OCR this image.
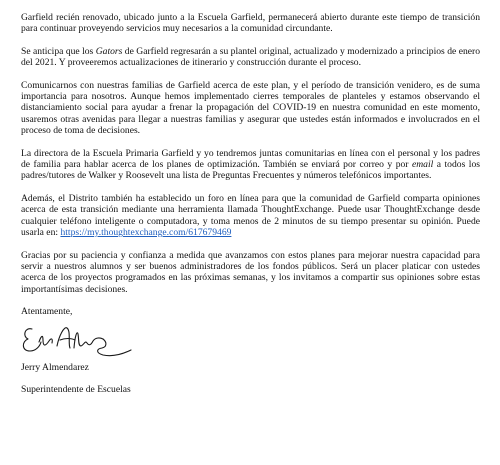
Garfield recién renovado, ubicado junto a la Escuela Garfield, permanecerá abierto durante este tiempo de transición para continuar proveyendo servicios muy necesarios a la comunidad circundante.

Se anticipa que los Gators de Garfield regresarán a su plantel original, actualizado y modernizado a principios de enero del 2021. Y proveeremos actualizaciones de itinerario y construcción durante el proceso.

Comunicarnos con nuestras familias de Garfield acerca de este plan, y el período de transición venidero, es de suma importancia para nosotros. Aunque hemos implementado cierres temporales de planteles y estamos observando el distanciamiento social para ayudar a frenar la propagación del COVID-19 en nuestra comunidad en este momento, usaremos otras avenidas para llegar a nuestras familias y asegurar que ustedes están informados e involucrados en el proceso de toma de decisiones.

La directora de la Escuela Primaria Garfield y yo tendremos juntas comunitarias en línea con el personal y los padres de familia para hablar acerca de los planes de optimización. También se enviará por correo y por email a todos los padres/tutores de Walker y Roosevelt una lista de Preguntas Frecuentes y números telefónicos importantes.

Además, el Distrito también ha establecido un foro en línea para que la comunidad de Garfield comparta opiniones acerca de esta transición mediante una herramienta llamada ThoughtExchange. Puede usar ThoughtExchange desde cualquier teléfono inteligente o computadora, y toma menos de 2 minutos de su tiempo presentar su opinión. Puede usarla en: https://my.thoughtexchange.com/617679469

Gracias por su paciencia y confianza a medida que avanzamos con estos planes para mejorar nuestra capacidad para servir a nuestros alumnos y ser buenos administradores de los fondos públicos. Será un placer platicar con ustedes acerca de los proyectos programados en las próximas semanas, y los invitamos a compartir sus opiniones sobre estas importantísimas decisiones.

Atentamente,

Jerry Almendarez

Superintendente de Escuelas
